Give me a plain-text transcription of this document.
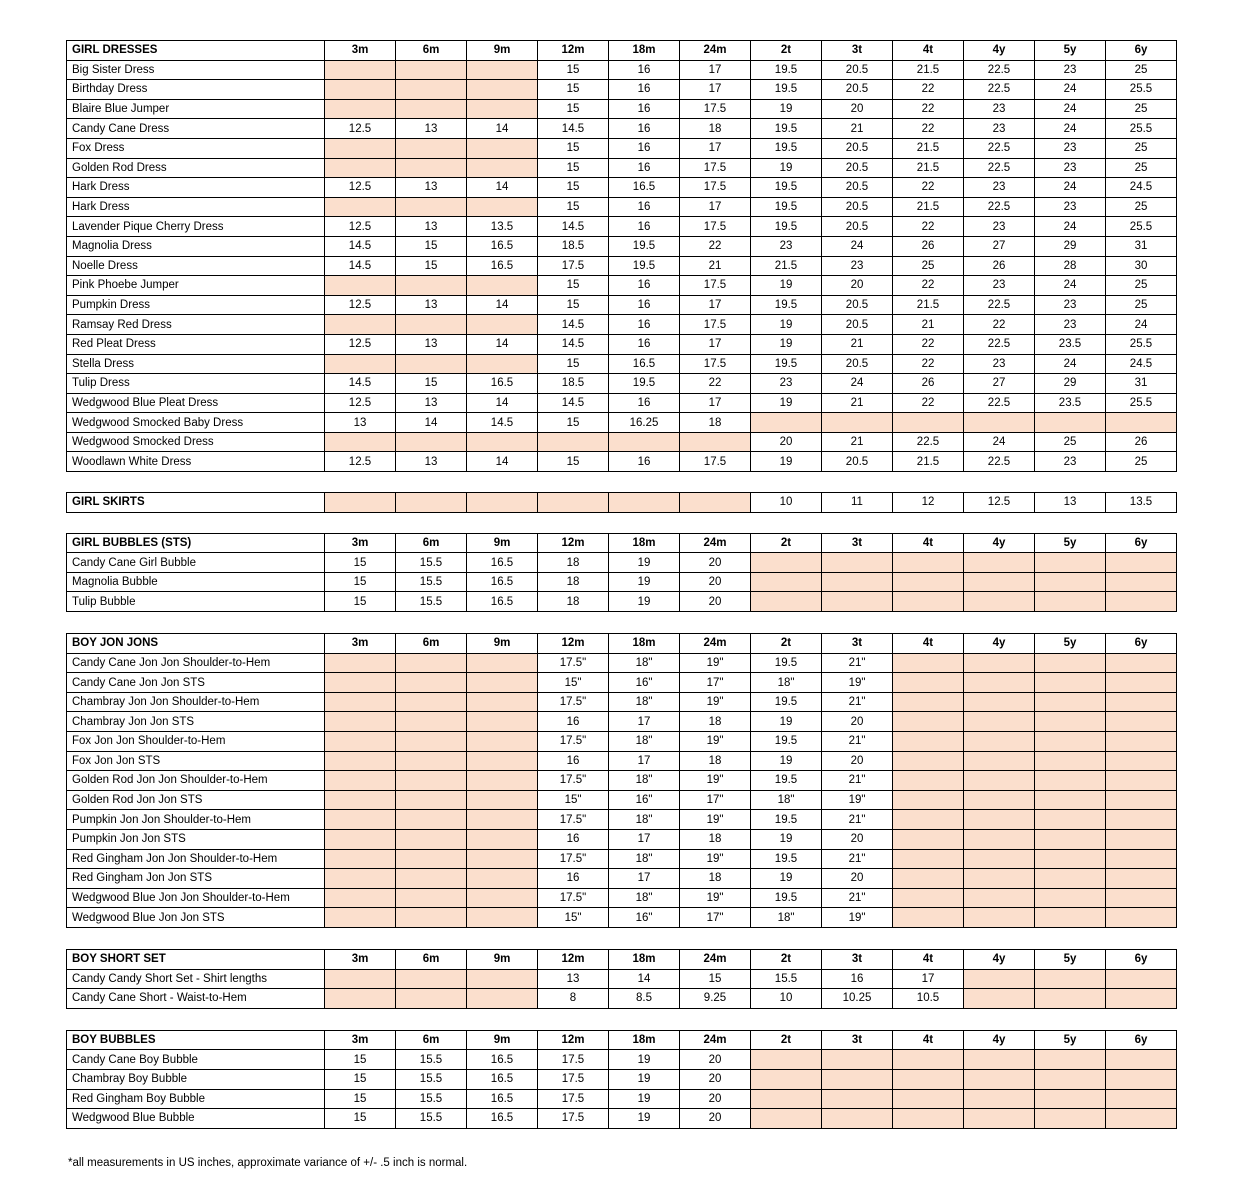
GIRL DRESSES	3m	6m	9m	12m	18m	24m	2t	3t	4t	4y	5y	6y
Big Sister Dress				15	16	17	19.5	20.5	21.5	22.5	23	25
Birthday Dress				15	16	17	19.5	20.5	22	22.5	24	25.5
Blaire Blue Jumper				15	16	17.5	19	20	22	23	24	25
Candy Cane Dress	12.5	13	14	14.5	16	18	19.5	21	22	23	24	25.5
Fox Dress				15	16	17	19.5	20.5	21.5	22.5	23	25
Golden Rod Dress				15	16	17.5	19	20.5	21.5	22.5	23	25
Hark Dress	12.5	13	14	15	16.5	17.5	19.5	20.5	22	23	24	24.5
Hark Dress				15	16	17	19.5	20.5	21.5	22.5	23	25
Lavender Pique Cherry Dress	12.5	13	13.5	14.5	16	17.5	19.5	20.5	22	23	24	25.5
Magnolia Dress	14.5	15	16.5	18.5	19.5	22	23	24	26	27	29	31
Noelle Dress	14.5	15	16.5	17.5	19.5	21	21.5	23	25	26	28	30
Pink Phoebe Jumper				15	16	17.5	19	20	22	23	24	25
Pumpkin Dress	12.5	13	14	15	16	17	19.5	20.5	21.5	22.5	23	25
Ramsay Red Dress				14.5	16	17.5	19	20.5	21	22	23	24
Red Pleat Dress	12.5	13	14	14.5	16	17	19	21	22	22.5	23.5	25.5
Stella Dress				15	16.5	17.5	19.5	20.5	22	23	24	24.5
Tulip Dress	14.5	15	16.5	18.5	19.5	22	23	24	26	27	29	31
Wedgwood Blue Pleat Dress	12.5	13	14	14.5	16	17	19	21	22	22.5	23.5	25.5
Wedgwood Smocked Baby Dress	13	14	14.5	15	16.25	18						
Wedgwood Smocked Dress							20	21	22.5	24	25	26
Woodlawn White Dress	12.5	13	14	15	16	17.5	19	20.5	21.5	22.5	23	25
GIRL SKIRTS							10	11	12	12.5	13	13.5
GIRL BUBBLES (STS)	3m	6m	9m	12m	18m	24m	2t	3t	4t	4y	5y	6y
Candy Cane Girl Bubble	15	15.5	16.5	18	19	20						
Magnolia Bubble	15	15.5	16.5	18	19	20						
Tulip Bubble	15	15.5	16.5	18	19	20						
BOY JON JONS	3m	6m	9m	12m	18m	24m	2t	3t	4t	4y	5y	6y
Candy Cane Jon Jon Shoulder-to-Hem				17.5"	18"	19"	19.5	21"				
Candy Cane Jon Jon STS				15"	16"	17"	18"	19"				
Chambray Jon Jon Shoulder-to-Hem				17.5"	18"	19"	19.5	21"				
Chambray Jon Jon STS				16	17	18	19	20				
Fox Jon Jon Shoulder-to-Hem				17.5"	18"	19"	19.5	21"				
Fox Jon Jon STS				16	17	18	19	20				
Golden Rod Jon Jon Shoulder-to-Hem				17.5"	18"	19"	19.5	21"				
Golden Rod Jon Jon STS				15"	16"	17"	18"	19"				
Pumpkin Jon Jon Shoulder-to-Hem				17.5"	18"	19"	19.5	21"				
Pumpkin Jon Jon STS				16	17	18	19	20				
Red Gingham Jon Jon Shoulder-to-Hem				17.5"	18"	19"	19.5	21"				
Red Gingham Jon Jon STS				16	17	18	19	20				
Wedgwood Blue Jon Jon Shoulder-to-Hem				17.5"	18"	19"	19.5	21"				
Wedgwood Blue Jon Jon STS				15"	16"	17"	18"	19"				
BOY SHORT SET	3m	6m	9m	12m	18m	24m	2t	3t	4t	4y	5y	6y
Candy Candy Short Set - Shirt lengths				13	14	15	15.5	16	17			
Candy Cane Short - Waist-to-Hem				8	8.5	9.25	10	10.25	10.5			
BOY BUBBLES	3m	6m	9m	12m	18m	24m	2t	3t	4t	4y	5y	6y
Candy Cane Boy Bubble	15	15.5	16.5	17.5	19	20						
Chambray Boy Bubble	15	15.5	16.5	17.5	19	20						
Red Gingham Boy Bubble	15	15.5	16.5	17.5	19	20						
Wedgwood Blue Bubble	15	15.5	16.5	17.5	19	20						
*all measurements in US inches, approximate variance of +/- .5 inch is normal.
